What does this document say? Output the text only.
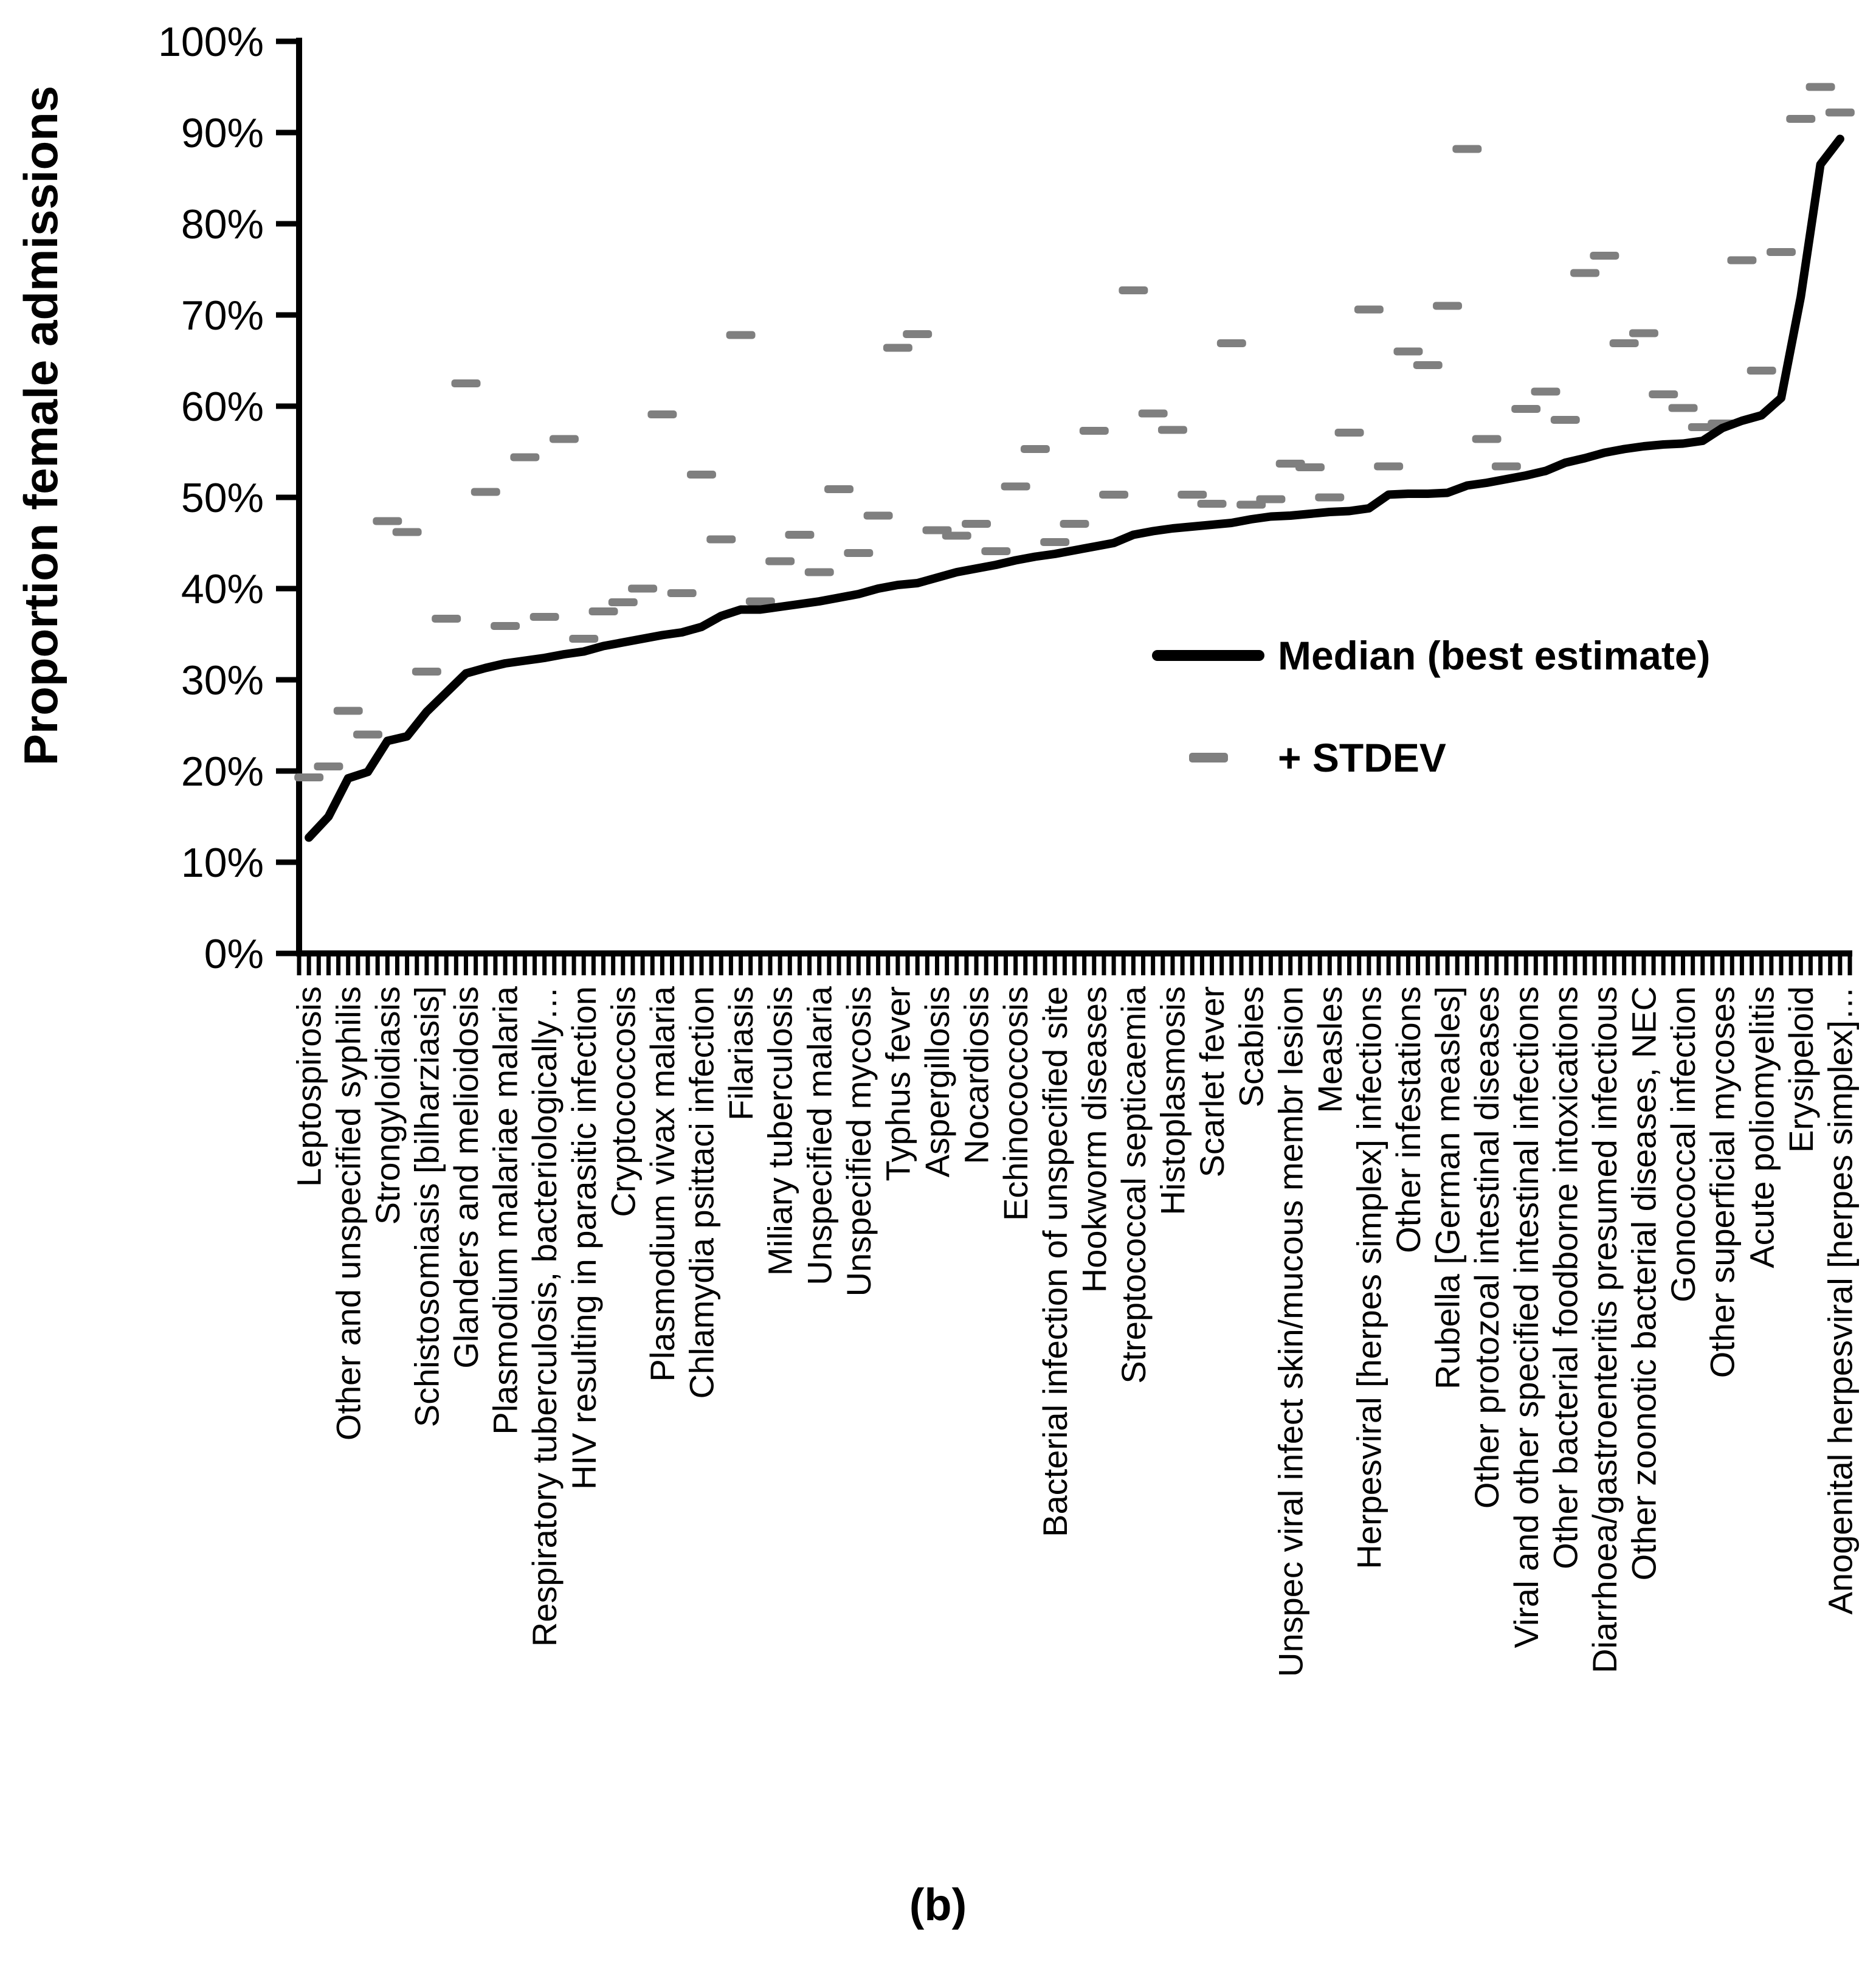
0%
10%
20%
30%
40%
50%
60%
70%
80%
90%
100%
Leptospirosis Other and unspecified syphilis Strongyloidiasis Schistosomiasis [bilharziasis] Glanders and melioidosis Plasmodium malariae malaria Respiratory tuberculosis, bacteriologically… HIV resulting in parasitic infection Cryptococcosis Plasmodium vivax malaria Chlamydia psittaci infection Filariasis Miliary tuberculosis Unspecified malaria Unspecified mycosis Typhus fever Aspergillosis Nocardiosis Echinococcosis Bacterial infection of unspecified site Hookworm diseases Streptococcal septicaemia Histoplasmosis Scarlet fever Scabies Unspec viral infect skin/mucous membr lesion Measles Herpesviral [herpes simplex] infections Other infestations Rubella [German measles] Other protozoal intestinal diseases Viral and other specified intestinal infections Other bacterial foodborne intoxications Diarrhoea/gastroenteritis presumed infectious Other zoonotic bacterial diseases, NEC Gonococcal infection Other superficial mycoses Acute poliomyelitis Erysipeloid Anogenital herpesviral [herpes simplex]…
Proportion female admissions	Median (best estimate)
+ STDEV
(b)
